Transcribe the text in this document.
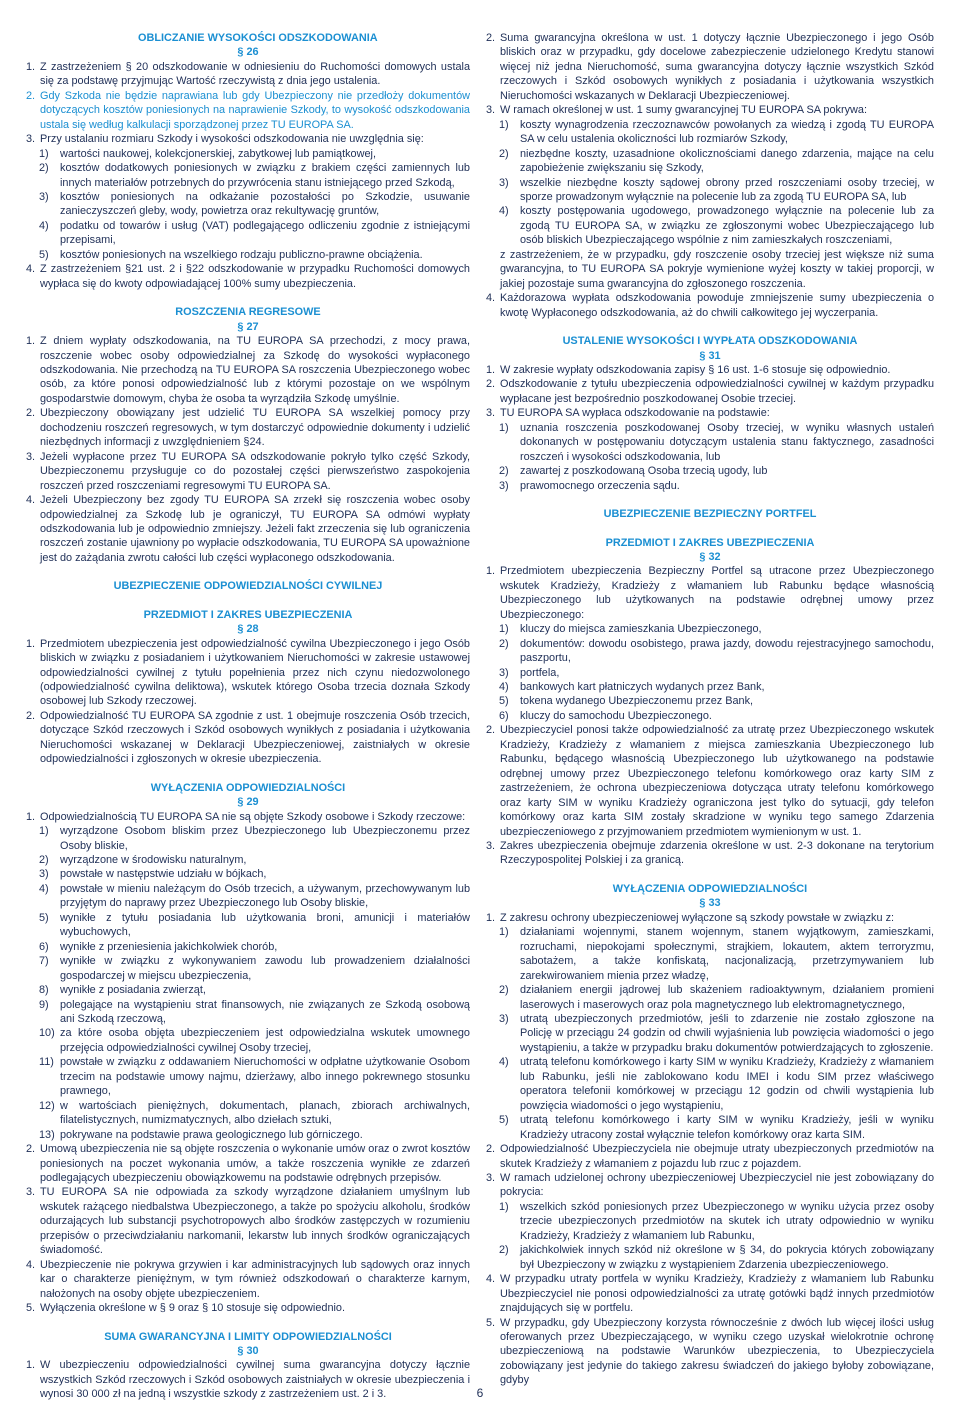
OBLICZANIE WYSOKOŚCI ODSZKODOWANIA
§ 26
1. Z zastrzeżeniem § 20 odszkodowanie w odniesieniu do Ruchomości domowych ustala się za podstawę przyjmując Wartość rzeczywistą z dnia jego ustalenia.
2. Gdy Szkoda nie będzie naprawiana lub gdy Ubezpieczony nie przedłoży dokumentów dotyczących kosztów poniesionych na naprawienie Szkody, to wysokość odszkodowania ustala się według kalkulacji sporządzonej przez TU EUROPA SA.
3. Przy ustalaniu rozmiaru Szkody i wysokości odszkodowania nie uwzględnia się:
1) wartości naukowej, kolekcjonerskiej, zabytkowej lub pamiątkowej,
2) kosztów dodatkowych poniesionych w związku z brakiem części zamiennych lub innych materiałów potrzebnych do przywrócenia stanu istniejącego przed Szkodą,
3) kosztów poniesionych na odkażanie pozostałości po Szkodzie, usuwanie zanieczyszczeń gleby, wody, powietrza oraz rekultywację gruntów,
4) podatku od towarów i usług (VAT) podlegającego odliczeniu zgodnie z istniejącymi przepisami,
5) kosztów poniesionych na wszelkiego rodzaju publiczno-prawne obciążenia.
4. Z zastrzeżeniem §21 ust. 2 i §22 odszkodowanie w przypadku Ruchomości domowych wypłaca się do kwoty odpowiadającej 100% sumy ubezpieczenia.
ROSZCZENIA REGRESOWE
§ 27
1. Z dniem wypłaty odszkodowania, na TU EUROPA SA przechodzi, z mocy prawa, roszczenie wobec osoby odpowiedzialnej za Szkodę do wysokości wypłaconego odszkodowania. Nie przechodzą na TU EUROPA SA roszczenia Ubezpieczonego wobec osób, za które ponosi odpowiedzialność lub z którymi pozostaje on we wspólnym gospodarstwie domowym, chyba że osoba ta wyrządziła Szkodę umyślnie.
2. Ubezpieczony obowiązany jest udzielić TU EUROPA SA wszelkiej pomocy przy dochodzeniu roszczeń regresowych, w tym dostarczyć odpowiednie dokumenty i udzielić niezbędnych informacji z uwzględnieniem §24.
3. Jeżeli wypłacone przez TU EUROPA SA odszkodowanie pokryło tylko część Szkody, Ubezpieczonemu przysługuje co do pozostałej części pierwszeństwo zaspokojenia roszczeń przed roszczeniami regresowymi TU EUROPA SA.
4. Jeżeli Ubezpieczony bez zgody TU EUROPA SA zrzekł się roszczenia wobec osoby odpowiedzialnej za Szkodę lub je ograniczył, TU EUROPA SA odmówi wypłaty odszkodowania lub je odpowiednio zmniejszy. Jeżeli fakt zrzeczenia się lub ograniczenia roszczeń zostanie ujawniony po wypłacie odszkodowania, TU EUROPA SA upoważnione jest do zażądania zwrotu całości lub części wypłaconego odszkodowania.
UBEZPIECZENIE ODPOWIEDZIALNOŚCI CYWILNEJ
PRZEDMIOT I ZAKRES UBEZPIECZENIA
§ 28
1. Przedmiotem ubezpieczenia jest odpowiedzialność cywilna Ubezpieczonego i jego Osób bliskich w związku z posiadaniem i użytkowaniem Nieruchomości w zakresie ustawowej odpowiedzialności cywilnej z tytułu popełnienia przez nich czynu niedozwolonego (odpowiedzialność cywilna deliktowa), wskutek którego Osoba trzecia doznała Szkody osobowej lub Szkody rzeczowej.
2. Odpowiedzialność TU EUROPA SA zgodnie z ust. 1 obejmuje roszczenia Osób trzecich, dotyczące Szkód rzeczowych i Szkód osobowych wynikłych z posiadania i użytkowania Nieruchomości wskazanej w Deklaracji Ubezpieczeniowej, zaistniałych w okresie odpowiedzialności i zgłoszonych w okresie ubezpieczenia.
WYŁĄCZENIA ODPOWIEDZIALNOŚCI
§ 29
1. Odpowiedzialnością TU EUROPA SA nie są objęte Szkody osobowe i Szkody rzeczowe:
1) wyrządzone Osobom bliskim przez Ubezpieczonego lub Ubezpieczonemu przez Osoby bliskie,
2) wyrządzone w środowisku naturalnym,
3) powstałe w następstwie udziału w bójkach,
4) powstałe w mieniu należącym do Osób trzecich, a używanym, przechowywanym lub przyjętym do naprawy przez Ubezpieczonego lub Osoby bliskie,
5) wynikłe z tytułu posiadania lub użytkowania broni, amunicji i materiałów wybuchowych,
6) wynikłe z przeniesienia jakichkolwiek chorób,
7) wynikłe w związku z wykonywaniem zawodu lub prowadzeniem działalności gospodarczej w miejscu ubezpieczenia,
8) wynikłe z posiadania zwierząt,
9) polegające na wystąpieniu strat finansowych, nie związanych ze Szkodą osobową ani Szkodą rzeczową,
10) za które osoba objęta ubezpieczeniem jest odpowiedzialna wskutek umownego przejęcia odpowiedzialności cywilnej Osoby trzeciej,
11) powstałe w związku z oddawaniem Nieruchomości w odpłatne użytkowanie Osobom trzecim na podstawie umowy najmu, dzierżawy, albo innego pokrewnego stosunku prawnego,
12) w wartościach pieniężnych, dokumentach, planach, zbiorach archiwalnych, filatelistycznych, numizmatycznych, albo dziełach sztuki,
13) pokrywane na podstawie prawa geologicznego lub górniczego.
2. Umową ubezpieczenia nie są objęte roszczenia o wykonanie umów oraz o zwrot kosztów poniesionych na poczet wykonania umów, a także roszczenia wynikłe ze zdarzeń podlegających ubezpieczeniu obowiązkowemu na podstawie odrębnych przepisów.
3. TU EUROPA SA nie odpowiada za szkody wyrządzone działaniem umyślnym lub wskutek rażącego niedbalstwa Ubezpieczonego, a także po spożyciu alkoholu, środków odurzających lub substancji psychotropowych albo środków zastępczych w rozumieniu przepisów o przeciwdziałaniu narkomanii, lekarstw lub innych środków ograniczających świadomość.
4. Ubezpieczenie nie pokrywa grzywien i kar administracyjnych lub sądowych oraz innych kar o charakterze pieniężnym, w tym również odszkodowań o charakterze karnym, nałożonych na osoby objęte ubezpieczeniem.
5. Wyłączenia określone w § 9 oraz § 10 stosuje się odpowiednio.
SUMA GWARANCYJNA I LIMITY ODPOWIEDZIALNOŚCI
§ 30
1. W ubezpieczeniu odpowiedzialności cywilnej suma gwarancyjna dotyczy łącznie wszystkich Szkód rzeczowych i Szkód osobowych zaistniałych w okresie ubezpieczenia i wynosi 30 000 zł na jedną i wszystkie szkody z zastrzeżeniem ust. 2 i 3.
2. Suma gwarancyjna określona w ust. 1 dotyczy łącznie Ubezpieczonego i jego Osób bliskich oraz w przypadku, gdy docelowe zabezpieczenie udzielonego Kredytu stanowi więcej niż jedna Nieruchomość, suma gwarancyjna dotyczy łącznie wszystkich Szkód rzeczowych i Szkód osobowych wynikłych z posiadania i użytkowania wszystkich Nieruchomości wskazanych w Deklaracji Ubezpieczeniowej.
3. W ramach określonej w ust. 1 sumy gwarancyjnej TU EUROPA SA pokrywa:
1) koszty wynagrodzenia rzeczoznawców powołanych za wiedzą i zgodą TU EUROPA SA w celu ustalenia okoliczności lub rozmiarów Szkody,
2) niezbędne koszty, uzasadnione okolicznościami danego zdarzenia, mające na celu zapobieżenie zwiększaniu się Szkody,
3) wszelkie niezbędne koszty sądowej obrony przed roszczeniami osoby trzeciej, w sporze prowadzonym wyłącznie na polecenie lub za zgodą TU EUROPA SA, lub
4) koszty postępowania ugodowego, prowadzonego wyłącznie na polecenie lub za zgodą TU EUROPA SA, w związku ze zgłoszonymi wobec Ubezpieczającego lub osób bliskich Ubezpieczającego wspólnie z nim zamieszkałych roszczeniami,
z zastrzeżeniem, że w przypadku, gdy roszczenie osoby trzeciej jest większe niż suma gwarancyjna, to TU EUROPA SA pokryje wymienione wyżej koszty w takiej proporcji, w jakiej pozostaje suma gwarancyjna do zgłoszonego roszczenia.
4. Każdorazowa wypłata odszkodowania powoduje zmniejszenie sumy ubezpieczenia o kwotę Wypłaconego odszkodowania, aż do chwili całkowitego jej wyczerpania.
USTALENIE WYSOKOŚCI I WYPŁATA ODSZKODOWANIA
§ 31
1. W zakresie wypłaty odszkodowania zapisy § 16 ust. 1-6 stosuje się odpowiednio.
2. Odszkodowanie z tytułu ubezpieczenia odpowiedzialności cywilnej w każdym przypadku wypłacane jest bezpośrednio poszkodowanej Osobie trzeciej.
3. TU EUROPA SA wypłaca odszkodowanie na podstawie:
1) uznania roszczenia poszkodowanej Osoby trzeciej, w wyniku własnych ustaleń dokonanych w postępowaniu dotyczącym ustalenia stanu faktycznego, zasadności roszczeń i wysokości odszkodowania, lub
2) zawartej z poszkodowaną Osoba trzecią ugody, lub
3) prawomocnego orzeczenia sądu.
UBEZPIECZENIE BEZPIECZNY PORTFEL
PRZEDMIOT I ZAKRES UBEZPIECZENIA
§ 32
1. Przedmiotem ubezpieczenia Bezpieczny Portfel są utracone przez Ubezpieczonego wskutek Kradzieży, Kradzieży z włamaniem lub Rabunku będące własnością Ubezpieczonego lub użytkowanych na podstawie odrębnej umowy przez Ubezpieczonego:
1) kluczy do miejsca zamieszkania Ubezpieczonego,
2) dokumentów: dowodu osobistego, prawa jazdy, dowodu rejestracyjnego samochodu, paszportu,
3) portfela,
4) bankowych kart płatniczych wydanych przez Bank,
5) tokena wydanego Ubezpieczonemu przez Bank,
6) kluczy do samochodu Ubezpieczonego.
2. Ubezpieczyciel ponosi także odpowiedzialność za utratę przez Ubezpieczonego wskutek Kradzieży, Kradzieży z włamaniem z miejsca zamieszkania Ubezpieczonego lub Rabunku, będącego własnością Ubezpieczonego lub użytkowanego na podstawie odrębnej umowy przez Ubezpieczonego telefonu komórkowego oraz karty SIM z zastrzeżeniem, że ochrona ubezpieczeniowa dotycząca utraty telefonu komórkowego oraz karty SIM w wyniku Kradzieży ograniczona jest tylko do sytuacji, gdy telefon komórkowy oraz karta SIM zostały skradzione w wyniku tego samego Zdarzenia ubezpieczeniowego z przyjmowaniem przedmiotem wymienionym w ust. 1.
3. Zakres ubezpieczenia obejmuje zdarzenia określone w ust. 2-3 dokonane na terytorium Rzeczypospolitej Polskiej i za granicą.
WYŁĄCZENIA ODPOWIEDZIALNOŚCI
§ 33
1. Z zakresu ochrony ubezpieczeniowej wyłączone są szkody powstałe w związku z:
1) działaniami wojennymi, stanem wojennym, stanem wyjątkowym, zamieszkami, rozruchami, niepokojami społecznymi, strajkiem, lokautem, aktem terroryzmu, sabotażem, a także konfiskatą, nacjonalizacją, przetrzymywaniem lub zarekwirowaniem mienia przez władzę,
2) działaniem energii jądrowej lub skażeniem radioaktywnym, działaniem promieni laserowych i maserowych oraz pola magnetycznego lub elektromagnetycznego,
3) utratą ubezpieczonych przedmiotów, jeśli to zdarzenie nie zostało zgłoszone na Policję w przeciągu 24 godzin od chwili wyjaśnienia lub powzięcia wiadomości o jego wystąpieniu, a także w przypadku braku dokumentów potwierdzających to zgłoszenie.
4) utratą telefonu komórkowego i karty SIM w wyniku Kradzieży, Kradzieży z włamaniem lub Rabunku, jeśli nie zablokowano kodu IMEI i kodu SIM przez właściwego operatora telefonii komórkowej w przeciągu 12 godzin od chwili wystąpienia lub powzięcia wiadomości o jego wystąpieniu,
5) utratą telefonu komórkowego i karty SIM w wyniku Kradzieży, jeśli w wyniku Kradzieży utracony został wyłącznie telefon komórkowy oraz karta SIM.
2. Odpowiedzialność Ubezpieczyciela nie obejmuje utraty ubezpieczonych przedmiotów na skutek Kradzieży z włamaniem z pojazdu lub rzuc z pojazdem.
3. W ramach udzielonej ochrony ubezpieczeniowej Ubezpieczyciel nie jest zobowiązany do pokrycia:
1) wszelkich szkód poniesionych przez Ubezpieczonego w wyniku użycia przez osoby trzecie ubezpieczonych przedmiotów na skutek ich utraty odpowiednio w wyniku Kradzieży, Kradzieży z włamaniem lub Rabunku,
2) jakichkolwiek innych szkód niż określone w § 34, do pokrycia których zobowiązany był Ubezpieczony w związku z wystąpieniem Zdarzenia ubezpieczeniowego.
4. W przypadku utraty portfela w wyniku Kradzieży, Kradzieży z włamaniem lub Rabunku Ubezpieczyciel nie ponosi odpowiedzialności za utratę gotówki bądź innych przedmiotów znajdujących się w portfelu.
5. W przypadku, gdy Ubezpieczony korzysta równocześnie z dwóch lub więcej ilości usług oferowanych przez Ubezpieczającego, w wyniku czego uzyskał wielokrotnie ochronę ubezpieczeniową na podstawie Warunków ubezpieczenia, to Ubezpieczyciela zobowiązany jest jedynie do takiego zakresu świadczeń do jakiego byłoby zobowiązane, gdyby
6
